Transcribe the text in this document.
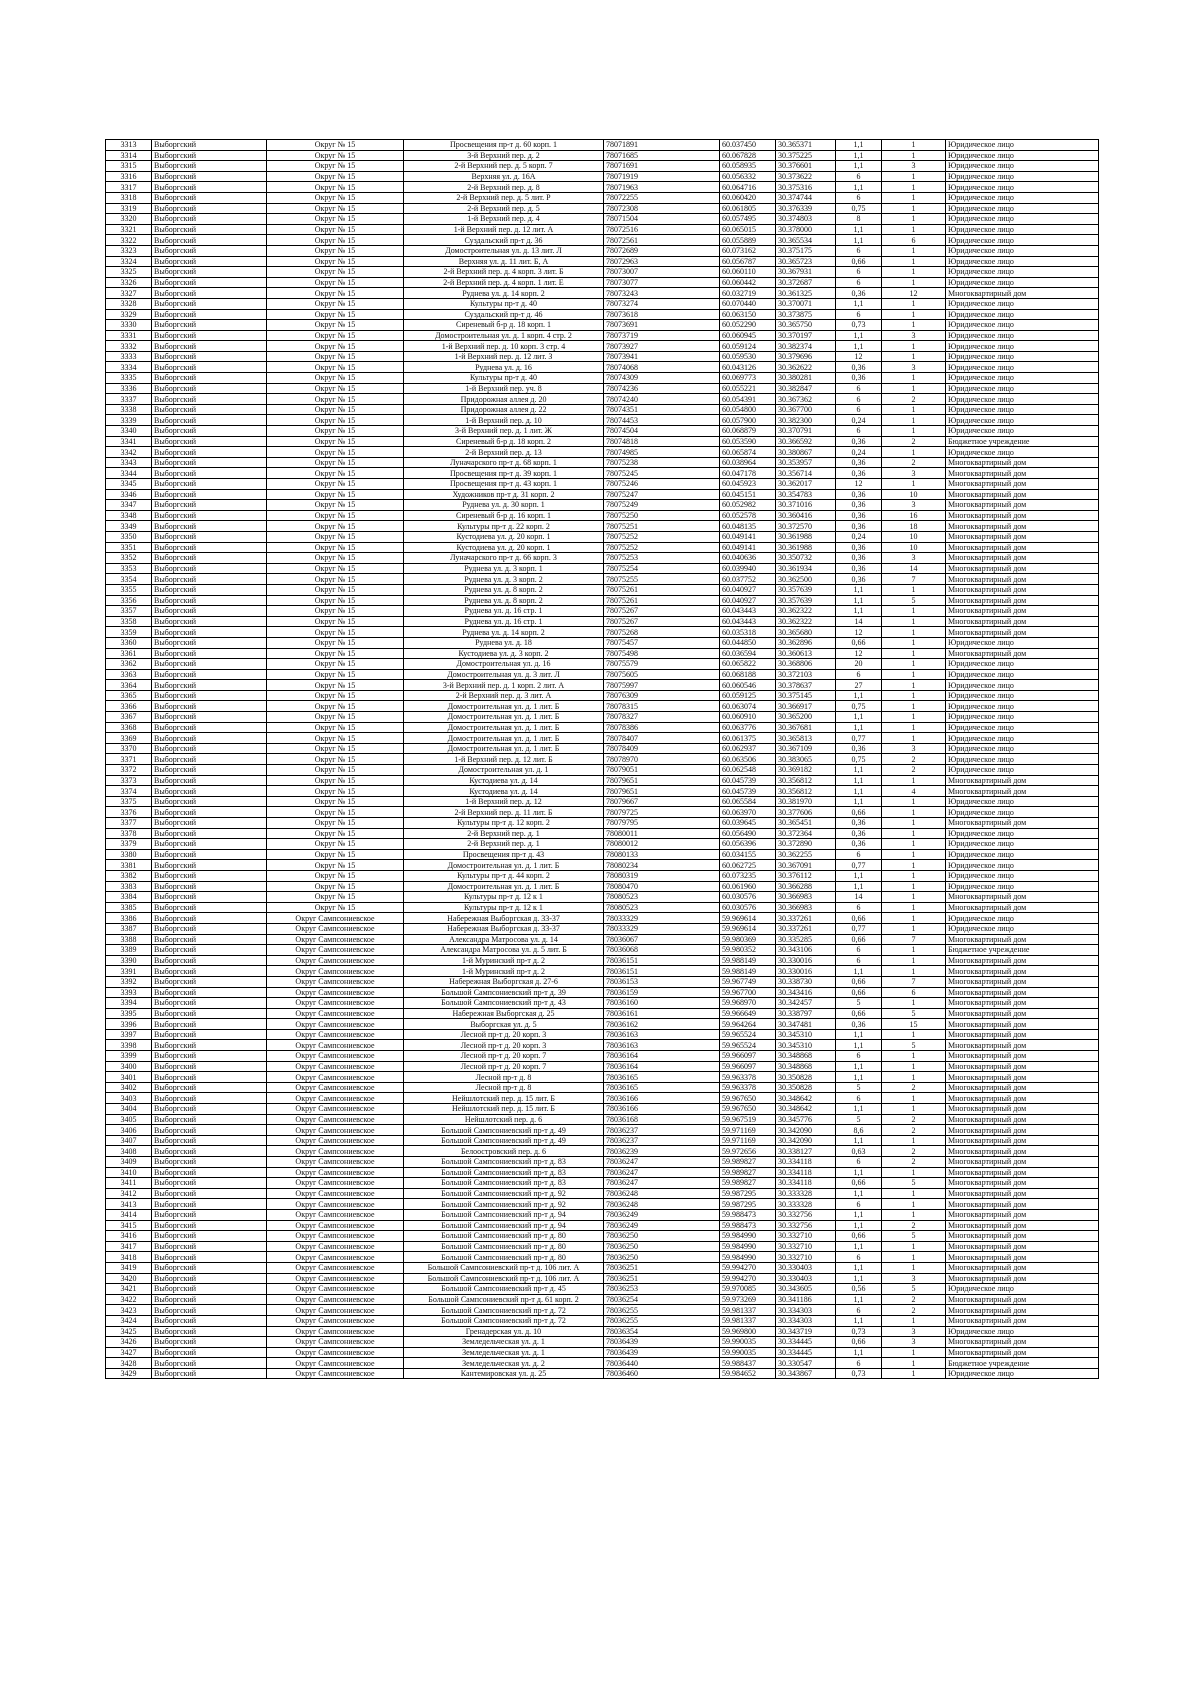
3313	Выборгский	Округ № 15	Просвещения пр-т д. 60 корп. 1	78071891	60.037450	30.365371	1,1	1	Юридическое лицо
3314	Выборгский	Округ № 15	3-й Верхний пер. д. 2	78071685	60.067828	30.375225	1,1	1	Юридическое лицо
3315	Выборгский	Округ № 15	2-й Верхний пер. д. 5 корп. 7	78071691	60.058935	30.376601	1,1	3	Юридическое лицо
3316	Выборгский	Округ № 15	Верхняя ул. д. 16А	78071919	60.056332	30.373622	6	1	Юридическое лицо
3317	Выборгский	Округ № 15	2-й Верхний пер. д. 8	78071963	60.064716	30.375316	1,1	1	Юридическое лицо
3318	Выборгский	Округ № 15	2-й Верхний пер. д. 5 лит. Р	78072255	60.060420	30.374744	6	1	Юридическое лицо
3319	Выборгский	Округ № 15	2-й Верхний пер. д. 5	78072308	60.061805	30.376339	0,75	1	Юридическое лицо
3320	Выборгский	Округ № 15	1-й Верхний пер. д. 4	78071504	60.057495	30.374803	8	1	Юридическое лицо
3321	Выборгский	Округ № 15	1-й Верхний пер. д. 12 лит. А	78072516	60.065015	30.378000	1,1	1	Юридическое лицо
3322	Выборгский	Округ № 15	Суздальский пр-т д. 36	78072561	60.055889	30.365534	1,1	6	Юридическое лицо
3323	Выборгский	Округ № 15	Домостроительная ул. д. 13 лит. Л	78072689	60.073162	30.375175	6	1	Юридическое лицо
3324	Выборгский	Округ № 15	Верхняя ул. д. 11 лит. Б, А	78072963	60.056787	30.365723	0,66	1	Юридическое лицо
3325	Выборгский	Округ № 15	2-й Верхний пер. д. 4 корп. 3 лит. Б	78073007	60.060110	30.367931	6	1	Юридическое лицо
3326	Выборгский	Округ № 15	2-й Верхний пер. д. 4 корп. 1 лит. Е	78073077	60.060442	30.372687	6	1	Юридическое лицо
3327	Выборгский	Округ № 15	Руднева ул. д. 14 корп. 2	78073243	60.032719	30.361325	0,36	12	Многоквартирный дом
3328	Выборгский	Округ № 15	Культуры пр-т д. 40	78073274	60.070440	30.370071	1,1	1	Юридическое лицо
3329	Выборгский	Округ № 15	Суздальский пр-т д. 46	78073618	60.063150	30.373875	6	1	Юридическое лицо
3330	Выборгский	Округ № 15	Сиреневый б-р д. 18 корп. 1	78073691	60.052290	30.365750	0,73	1	Юридическое лицо
3331	Выборгский	Округ № 15	Домостроительная ул. д. 1 корп. 4 стр. 2	78073719	60.060945	30.370197	1,1	3	Юридическое лицо
3332	Выборгский	Округ № 15	1-й Верхний пер. д. 10 корп. 3 стр. 4	78073927	60.059124	30.382374	1,1	1	Юридическое лицо
3333	Выборгский	Округ № 15	1-й Верхний пер. д. 12 лит. З	78073941	60.059530	30.379696	12	1	Юридическое лицо
3334	Выборгский	Округ № 15	Руднева ул. д. 16	78074068	60.043126	30.362622	0,36	3	Юридическое лицо
3335	Выборгский	Округ № 15	Культуры пр-т д. 40	78074309	60.069773	30.380281	0,36	1	Юридическое лицо
3336	Выборгский	Округ № 15	1-й Верхний пер. уч. 8	78074236	60.055221	30.382847	6	1	Юридическое лицо
3337	Выборгский	Округ № 15	Придорожная аллея д. 20	78074240	60.054391	30.367362	6	2	Юридическое лицо
3338	Выборгский	Округ № 15	Придорожная аллея д. 22	78074351	60.054800	30.367700	6	1	Юридическое лицо
3339	Выборгский	Округ № 15	1-й Верхний пер. д. 10	78074453	60.057900	30.382300	0,24	1	Юридическое лицо
3340	Выборгский	Округ № 15	3-й Верхний пер. д. 1 лит. Ж	78074504	60.068879	30.370791	6	1	Юридическое лицо
3341	Выборгский	Округ № 15	Сиреневый б-р д. 18 корп. 2	78074818	60.053590	30.366592	0,36	2	Бюджетное учреждение
3342	Выборгский	Округ № 15	2-й Верхний пер. д. 13	78074985	60.065874	30.380867	0,24	1	Юридическое лицо
3343	Выборгский	Округ № 15	Луначарского пр-т д. 68 корп. 1	78075238	60.038964	30.353957	0,36	2	Многоквартирный дом
3344	Выборгский	Округ № 15	Просвещения пр-т д. 39 корп. 1	78075245	60.047178	30.356714	0,36	3	Многоквартирный дом
3345	Выборгский	Округ № 15	Просвещения пр-т д. 43 корп. 1	78075246	60.045923	30.362017	12	1	Многоквартирный дом
3346	Выборгский	Округ № 15	Художников пр-т д. 31 корп. 2	78075247	60.045151	30.354783	0,36	10	Многоквартирный дом
3347	Выборгский	Округ № 15	Руднева ул. д. 30 корп. 1	78075249	60.052982	30.371016	0,36	3	Многоквартирный дом
3348	Выборгский	Округ № 15	Сиреневый б-р д. 16 корп. 1	78075250	60.052578	30.360416	0,36	16	Многоквартирный дом
3349	Выборгский	Округ № 15	Культуры пр-т д. 22 корп. 2	78075251	60.048135	30.372570	0,36	18	Многоквартирный дом
3350	Выборгский	Округ № 15	Кустодиева ул. д. 20 корп. 1	78075252	60.049141	30.361988	0,24	10	Многоквартирный дом
3351	Выборгский	Округ № 15	Кустодиева ул. д. 20 корп. 1	78075252	60.049141	30.361988	0,36	10	Многоквартирный дом
3352	Выборгский	Округ № 15	Луначарского пр-т д. 66 корп. 3	78075253	60.040636	30.350732	0,36	3	Многоквартирный дом
3353	Выборгский	Округ № 15	Руднева ул. д. 3 корп. 1	78075254	60.039940	30.361934	0,36	14	Многоквартирный дом
3354	Выборгский	Округ № 15	Руднева ул. д. 3 корп. 2	78075255	60.037752	30.362500	0,36	7	Многоквартирный дом
3355	Выборгский	Округ № 15	Руднева ул. д. 8 корп. 2	78075261	60.040927	30.357639	1,1	1	Многоквартирный дом
3356	Выборгский	Округ № 15	Руднева ул. д. 8 корп. 2	78075261	60.040927	30.357639	1,1	5	Многоквартирный дом
3357	Выборгский	Округ № 15	Руднева ул. д. 16 стр. 1	78075267	60.043443	30.362322	1,1	1	Многоквартирный дом
3358	Выборгский	Округ № 15	Руднева ул. д. 16 стр. 1	78075267	60.043443	30.362322	14	1	Многоквартирный дом
3359	Выборгский	Округ № 15	Руднева ул. д. 14 корп. 2	78075268	60.035318	30.365680	12	1	Многоквартирный дом
3360	Выборгский	Округ № 15	Руднева ул. д. 18	78075457	60.044850	30.362896	0,66	1	Юридическое лицо
3361	Выборгский	Округ № 15	Кустодиева ул. д. 3 корп. 2	78075498	60.036594	30.360613	12	1	Многоквартирный дом
3362	Выборгский	Округ № 15	Домостроительная ул. д. 16	78075579	60.065822	30.368806	20	1	Юридическое лицо
3363	Выборгский	Округ № 15	Домостроительная ул. д. 3 лит. Л	78075605	60.068188	30.372103	6	1	Юридическое лицо
3364	Выборгский	Округ № 15	3-й Верхний пер. д. 1 корп. 2 лит. А	78075997	60.060546	30.378637	27	1	Юридическое лицо
3365	Выборгский	Округ № 15	2-й Верхний пер. д. 3 лит. А	78076309	60.059125	30.375145	1,1	1	Юридическое лицо
3366	Выборгский	Округ № 15	Домостроительная ул. д. 1 лит. Б	78078315	60.063074	30.366917	0,75	1	Юридическое лицо
3367	Выборгский	Округ № 15	Домостроительная ул. д. 1 лит. Б	78078327	60.060910	30.365200	1,1	1	Юридическое лицо
3368	Выборгский	Округ № 15	Домостроительная ул. д. 1 лит. Б	78078386	60.063776	30.367681	1,1	1	Юридическое лицо
3369	Выборгский	Округ № 15	Домостроительная ул. д. 1 лит. Б	78078407	60.061375	30.365813	0,77	1	Юридическое лицо
3370	Выборгский	Округ № 15	Домостроительная ул. д. 1 лит. Б	78078409	60.062937	30.367109	0,36	3	Юридическое лицо
3371	Выборгский	Округ № 15	1-й Верхний пер. д. 12 лит. Б	78078970	60.063506	30.383065	0,75	2	Юридическое лицо
3372	Выборгский	Округ № 15	Домостроительная ул. д. 1	78079051	60.062548	30.369182	1,1	2	Юридическое лицо
3373	Выборгский	Округ № 15	Кустодиева ул. д. 14	78079651	60.045739	30.356812	1,1	1	Многоквартирный дом
3374	Выборгский	Округ № 15	Кустодиева ул. д. 14	78079651	60.045739	30.356812	1,1	4	Многоквартирный дом
3375	Выборгский	Округ № 15	1-й Верхний пер. д. 12	78079667	60.065584	30.381970	1,1	1	Юридическое лицо
3376	Выборгский	Округ № 15	2-й Верхний пер. д. 11 лит. Б	78079725	60.063970	30.377606	0,66	1	Юридическое лицо
3377	Выборгский	Округ № 15	Культуры пр-т д. 12 корп. 2	78079795	60.039645	30.365451	0,36	1	Многоквартирный дом
3378	Выборгский	Округ № 15	2-й Верхний пер. д. 1	78080011	60.056490	30.372364	0,36	1	Юридическое лицо
3379	Выборгский	Округ № 15	2-й Верхний пер. д. 1	78080012	60.056396	30.372890	0,36	1	Юридическое лицо
3380	Выборгский	Округ № 15	Просвещения пр-т д. 43	78080133	60.034155	30.362255	6	1	Юридическое лицо
3381	Выборгский	Округ № 15	Домостроительная ул. д. 1 лит. Б	78080234	60.062725	30.367091	0,77	1	Юридическое лицо
3382	Выборгский	Округ № 15	Культуры пр-т д. 44 корп. 2	78080319	60.073235	30.376112	1,1	1	Юридическое лицо
3383	Выборгский	Округ № 15	Домостроительная ул. д. 1 лит. Б	78080470	60.061960	30.366288	1,1	1	Юридическое лицо
3384	Выборгский	Округ № 15	Культуры пр-т д. 12 к 1	78080523	60.030576	30.366983	14	1	Многоквартирный дом
3385	Выборгский	Округ № 15	Культуры пр-т д. 12 к 1	78080523	60.030576	30.366983	6	1	Многоквартирный дом
3386	Выборгский	Округ Сампсониевское	Набережная Выборгская д. 33-37	78033329	59.969614	30.337261	0,66	1	Юридическое лицо
3387	Выборгский	Округ Сампсониевское	Набережная Выборгская д. 33-37	78033329	59.969614	30.337261	0,77	1	Юридическое лицо
3388	Выборгский	Округ Сампсониевское	Александра Матросова ул. д. 14	78036067	59.980369	30.335285	0,66	7	Многоквартирный дом
3389	Выборгский	Округ Сампсониевское	Александра Матросова ул. д. 5 лит. Б	78036068	59.980352	30.343106	6	1	Бюджетное учреждение
3390	Выборгский	Округ Сампсониевское	1-й Муринский пр-т д. 2	78036151	59.988149	30.330016	6	1	Многоквартирный дом
3391	Выборгский	Округ Сампсониевское	1-й Муринский пр-т д. 2	78036151	59.988149	30.330016	1,1	1	Многоквартирный дом
3392	Выборгский	Округ Сампсониевское	Набережная Выборгская д. 27-6	78036153	59.967749	30.338730	0,66	7	Многоквартирный дом
3393	Выборгский	Округ Сампсониевское	Большой Сампсониевский пр-т д. 39	78036159	59.967700	30.343416	0,66	6	Многоквартирный дом
3394	Выборгский	Округ Сампсониевское	Большой Сампсониевский пр-т д. 43	78036160	59.968970	30.342457	5	1	Многоквартирный дом
3395	Выборгский	Округ Сампсониевское	Набережная Выборгская д. 25	78036161	59.966649	30.338797	0,66	5	Многоквартирный дом
3396	Выборгский	Округ Сампсониевское	Выборгская ул. д. 5	78036162	59.964264	30.347481	0,36	15	Многоквартирный дом
3397	Выборгский	Округ Сампсониевское	Лесной пр-т д. 20 корп. 3	78036163	59.965524	30.345310	1,1	1	Многоквартирный дом
3398	Выборгский	Округ Сампсониевское	Лесной пр-т д. 20 корп. 3	78036163	59.965524	30.345310	1,1	5	Многоквартирный дом
3399	Выборгский	Округ Сампсониевское	Лесной пр-т д. 20 корп. 7	78036164	59.966097	30.348868	6	1	Многоквартирный дом
3400	Выборгский	Округ Сампсониевское	Лесной пр-т д. 20 корп. 7	78036164	59.966097	30.348868	1,1	1	Многоквартирный дом
3401	Выборгский	Округ Сампсониевское	Лесной пр-т д. 8	78036165	59.963378	30.350828	1,1	1	Многоквартирный дом
3402	Выборгский	Округ Сампсониевское	Лесной пр-т д. 8	78036165	59.963378	30.350828	5	2	Многоквартирный дом
3403	Выборгский	Округ Сампсониевское	Нейшлотский пер. д. 15 лит. Б	78036166	59.967650	30.348642	6	1	Многоквартирный дом
3404	Выборгский	Округ Сампсониевское	Нейшлотский пер. д. 15 лит. Б	78036166	59.967650	30.348642	1,1	1	Многоквартирный дом
3405	Выборгский	Округ Сампсониевское	Нейшлотский пер. д. 6	78036168	59.967519	30.345776	5	2	Многоквартирный дом
3406	Выборгский	Округ Сампсониевское	Большой Сампсониевский пр-т д. 49	78036237	59.971169	30.342090	8,6	2	Многоквартирный дом
3407	Выборгский	Округ Сампсониевское	Большой Сампсониевский пр-т д. 49	78036237	59.971169	30.342090	1,1	1	Многоквартирный дом
3408	Выборгский	Округ Сампсониевское	Белоостровский пер. д. 6	78036239	59.972656	30.338127	0,63	2	Многоквартирный дом
3409	Выборгский	Округ Сампсониевское	Большой Сампсониевский пр-т д. 83	78036247	59.989827	30.334118	6	2	Многоквартирный дом
3410	Выборгский	Округ Сампсониевское	Большой Сампсониевский пр-т д. 83	78036247	59.989827	30.334118	1,1	1	Многоквартирный дом
3411	Выборгский	Округ Сампсониевское	Большой Сампсониевский пр-т д. 83	78036247	59.989827	30.334118	0,66	5	Многоквартирный дом
3412	Выборгский	Округ Сампсониевское	Большой Сампсониевский пр-т д. 92	78036248	59.987295	30.333328	1,1	1	Многоквартирный дом
3413	Выборгский	Округ Сампсониевское	Большой Сампсониевский пр-т д. 92	78036248	59.987295	30.333328	6	1	Многоквартирный дом
3414	Выборгский	Округ Сампсониевское	Большой Сампсониевский пр-т д. 94	78036249	59.988473	30.332756	1,1	1	Многоквартирный дом
3415	Выборгский	Округ Сампсониевское	Большой Сампсониевский пр-т д. 94	78036249	59.988473	30.332756	1,1	2	Многоквартирный дом
3416	Выборгский	Округ Сампсониевское	Большой Сампсониевский пр-т д. 80	78036250	59.984990	30.332710	0,66	5	Многоквартирный дом
3417	Выборгский	Округ Сампсониевское	Большой Сампсониевский пр-т д. 80	78036250	59.984990	30.332710	1,1	1	Многоквартирный дом
3418	Выборгский	Округ Сампсониевское	Большой Сампсониевский пр-т д. 80	78036250	59.984990	30.332710	6	1	Многоквартирный дом
3419	Выборгский	Округ Сампсониевское	Большой Сампсониевский пр-т д. 106 лит. А	78036251	59.994270	30.330403	1,1	1	Многоквартирный дом
3420	Выборгский	Округ Сампсониевское	Большой Сампсониевский пр-т д. 106 лит. А	78036251	59.994270	30.330403	1,1	3	Многоквартирный дом
3421	Выборгский	Округ Сампсониевское	Большой Сампсониевский пр-т д. 45	78036253	59.970085	30.343605	0,56	5	Юридическое лицо
3422	Выборгский	Округ Сампсониевское	Большой Сампсониевский пр-т д. 61 корп. 2	78036254	59.973269	30.341186	1,1	2	Многоквартирный дом
3423	Выборгский	Округ Сампсониевское	Большой Сампсониевский пр-т д. 72	78036255	59.981337	30.334303	6	2	Многоквартирный дом
3424	Выборгский	Округ Сампсониевское	Большой Сампсониевский пр-т д. 72	78036255	59.981337	30.334303	1,1	1	Многоквартирный дом
3425	Выборгский	Округ Сампсониевское	Гренадерская ул. д. 10	78036354	59.969800	30.343719	0,73	3	Юридическое лицо
3426	Выборгский	Округ Сампсониевское	Земледельческая ул. д. 1	78036439	59.990035	30.334445	0,66	3	Многоквартирный дом
3427	Выборгский	Округ Сампсониевское	Земледельческая ул. д. 1	78036439	59.990035	30.334445	1,1	1	Многоквартирный дом
3428	Выборгский	Округ Сампсониевское	Земледельческая ул. д. 2	78036440	59.988437	30.330547	6	1	Бюджетное учреждение
3429	Выборгский	Округ Сампсониевское	Кантемировская ул. д. 25	78036460	59.984652	30.343867	0,73	1	Юридическое лицо
